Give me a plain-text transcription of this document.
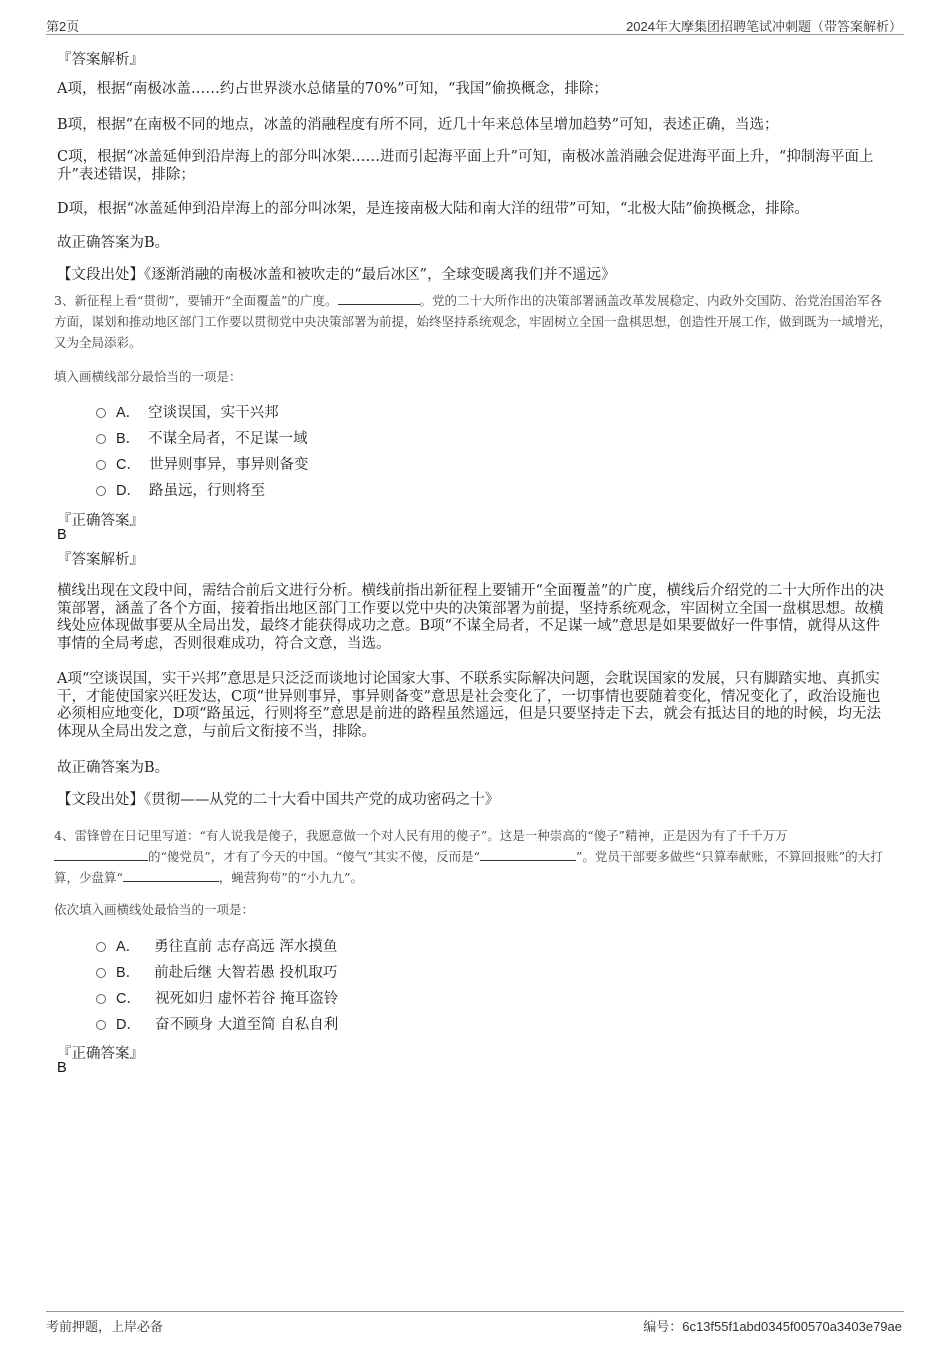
第2页	2024年大摩集团招聘笔试冲刺题（带答案解析）
『答案解析』
A项，根据“南极冰盖……约占世界淡水总储量的70%”可知，“我国”偷换概念，排除；
B项，根据“在南极不同的地点，冰盖的消融程度有所不同，近几十年来总体呈增加趋势”可知，表述正确，当选；
C项，根据“冰盖延伸到沿岸海上的部分叫冰架……进而引起海平面上升”可知，南极冰盖消融会促进海平面上升，“抑制海平面上升”表述错误，排除；
D项，根据“冰盖延伸到沿岸海上的部分叫冰架，是连接南极大陆和南大洋的纽带”可知，“北极大陆”偷换概念，排除。
故正确答案为B。
【文段出处】《逐渐消融的南极冰盖和被吹走的“最后冰区”，全球变暖离我们并不遥远》
3、新征程上看“贯彻”，要铺开“全面覆盖”的广度。	。党的二十大所作出的决策部署涵盖改革发展稳定、内政外交国防、治党治国治军各方面，谋划和推动地区部门工作要以贯彻党中央决策部署为前提，始终坚持系统观念，牢固树立全国一盘棋思想，创造性开展工作，做到既为一域增光，又为全局添彩。
填入画横线部分最恰当的一项是：
A． 空谈误国，实干兴邦
B． 不谋全局者，不足谋一域
C． 世异则事异，事异则备变
D． 路虽远，行则将至
『正确答案』
B
『答案解析』
横线出现在文段中间，需结合前后文进行分析。横线前指出新征程上要铺开“全面覆盖”的广度，横线后介绍党的二十大所作出的决策部署，涵盖了各个方面，接着指出地区部门工作要以党中央的决策部署为前提，坚持系统观念，牢固树立全国一盘棋思想。故横线处应体现做事要从全局出发，最终才能获得成功之意。B项“不谋全局者，不足谋一域”意思是如果要做好一件事情，就得从这件事情的全局考虑，否则很难成功，符合文意，当选。
A项“空谈误国，实干兴邦”意思是只泛泛而谈地讨论国家大事、不联系实际解决问题，会耽误国家的发展，只有脚踏实地、真抓实干，才能使国家兴旺发达，C项“世异则事异，事异则备变”意思是社会变化了，一切事情也要随着变化，情况变化了，政治设施也必须相应地变化，D项“路虽远，行则将至”意思是前进的路程虽然遥远，但是只要坚持走下去，就会有抵达目的地的时候，均无法体现从全局出发之意，与前后文衔接不当，排除。
故正确答案为B。
【文段出处】《贯彻——从党的二十大看中国共产党的成功密码之十》
4、雷锋曾在日记里写道：“有人说我是傻子，我愿意做一个对人民有用的傻子”。这是一种崇高的“傻子”精神，正是因为有了千千万万
的“傻党员”，才有了今天的中国。“傻气”其实不傻，反而是“	”。党员干部要多做些“只算奉献账，不算回报账”的大打算，少盘算“	，蝇营狗苟”的“小九九”。
依次填入画横线处最恰当的一项是：
A． 勇往直前 志存高远 浑水摸鱼
B． 前赴后继 大智若愚 投机取巧
C． 视死如归 虚怀若谷 掩耳盗铃
D． 奋不顾身 大道至简 自私自利
『正确答案』
B
考前押题，上岸必备	编号：6c13f55f1abd0345f00570a3403e79ae
